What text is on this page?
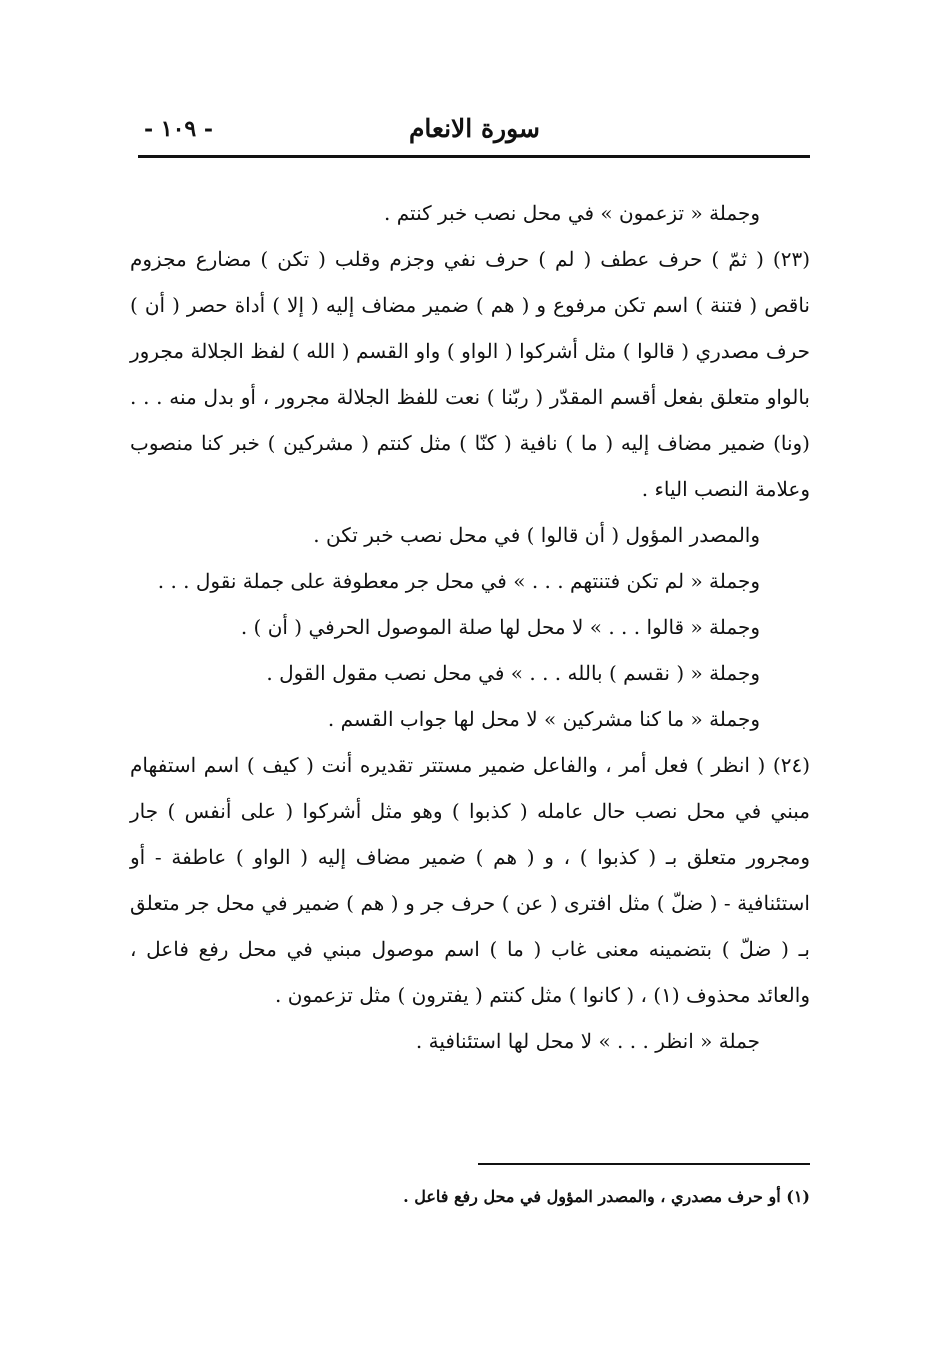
سورة الانعام
- ١٠٩ -

وجملة « تزعمون » في محل نصب خبر كنتم .

(٢٣) ( ثمّ ) حرف عطف ( لم ) حرف نفي وجزم وقلب ( تكن ) مضارع مجزوم ناقص ( فتنة ) اسم تكن مرفوع و ( هم ) ضمير مضاف إليه ( إلا ) أداة حصر ( أن ) حرف مصدري ( قالوا ) مثل أشركوا ( الواو ) واو القسم ( الله ) لفظ الجلالة مجرور بالواو متعلق بفعل أقسم المقدّر ( ربّنا ) نعت للفظ الجلالة مجرور ، أو بدل منه . . . (ونا) ضمير مضاف إليه ( ما ) نافية ( كنّا ) مثل كنتم ( مشركين ) خبر كنا منصوب وعلامة النصب الياء .

والمصدر المؤول ( أن قالوا ) في محل نصب خبر تكن .

وجملة « لم تكن فتنتهم . . . » في محل جر معطوفة على جملة نقول . . .

وجملة « قالوا . . . » لا محل لها صلة الموصول الحرفي ( أن ) .

وجملة « ( نقسم ) بالله . . . » في محل نصب مقول القول .

وجملة « ما كنا مشركين » لا محل لها جواب القسم .

(٢٤) ( انظر ) فعل أمر ، والفاعل ضمير مستتر تقديره أنت ( كيف ) اسم استفهام مبني في محل نصب حال عامله ( كذبوا ) وهو مثل أشركوا ( على أنفس ) جار ومجرور متعلق بـ ( كذبوا ) ، و ( هم ) ضمير مضاف إليه ( الواو ) عاطفة - أو استئنافية - ( ضلّ ) مثل افترى ( عن ) حرف جر و ( هم ) ضمير في محل جر متعلق بـ ( ضلّ ) بتضمينه معنى غاب ( ما ) اسم موصول مبني في محل رفع فاعل ، والعائد محذوف (١) ، ( كانوا ) مثل كنتم ( يفترون ) مثل تزعمون .

جملة « انظر . . . » لا محل لها استئنافية .

(١) أو حرف مصدري ، والمصدر المؤول في محل رفع فاعل .
